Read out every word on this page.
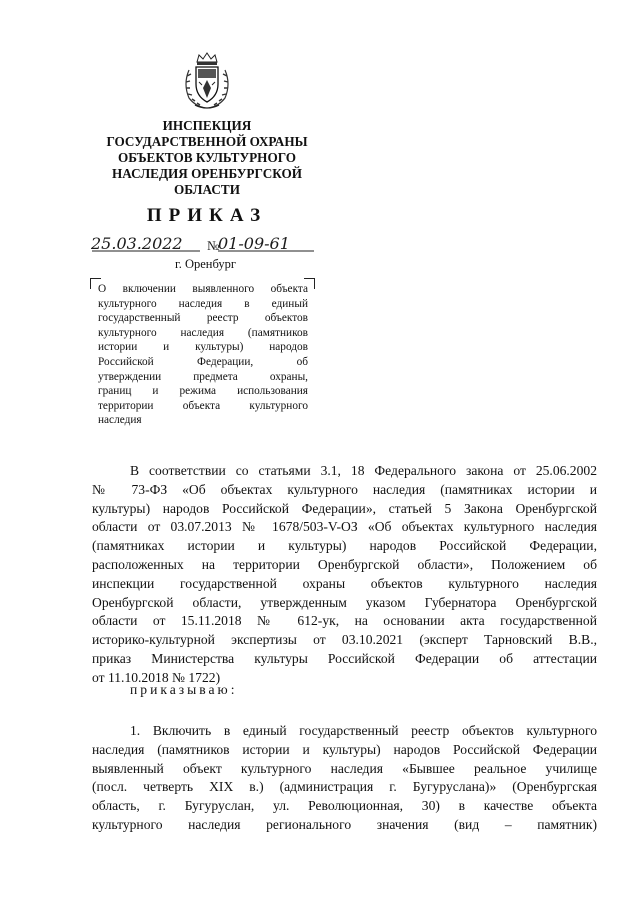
ИНСПЕКЦИЯ
ГОСУДАРСТВЕННОЙ ОХРАНЫ
ОБЪЕКТОВ КУЛЬТУРНОГО
НАСЛЕДИЯ ОРЕНБУРГСКОЙ
ОБЛАСТИ
ПРИКАЗ
25.03.2022 №
01-09-61
г. Оренбург
О включении выявленного объекта
культурного наследия в единый
государственный реестр объектов
культурного наследия (памятников
истории и культуры) народов
Российской Федерации, об
утверждении предмета охраны,
границ и режима использования
территории объекта культурного
наследия
В соответствии со статьями 3.1, 18 Федерального закона от 25.06.2002
№ 73-ФЗ «Об объектах культурного наследия (памятниках истории и
культуры) народов Российской Федерации», статьей 5 Закона Оренбургской
области от 03.07.2013 № 1678/503-V-ОЗ «Об объектах культурного наследия
(памятниках истории и культуры) народов Российской Федерации,
расположенных на территории Оренбургской области», Положением об
инспекции государственной охраны объектов культурного наследия
Оренбургской области, утвержденным указом Губернатора Оренбургской
области от 15.11.2018 № 612-ук, на основании акта государственной
историко-культурной экспертизы от 03.10.2021 (эксперт Тарновский В.В.,
приказ Министерства культуры Российской Федерации об аттестации
от 11.10.2018 № 1722)
приказываю:
1. Включить в единый государственный реестр объектов культурного
наследия (памятников истории и культуры) народов Российской Федерации
выявленный объект культурного наследия «Бывшее реальное училище
(посл. четверть XIX в.) (администрация г. Бугуруслана)» (Оренбургская
область, г. Бугуруслан, ул. Революционная, 30) в качестве объекта
культурного наследия регионального значения (вид – памятник)
